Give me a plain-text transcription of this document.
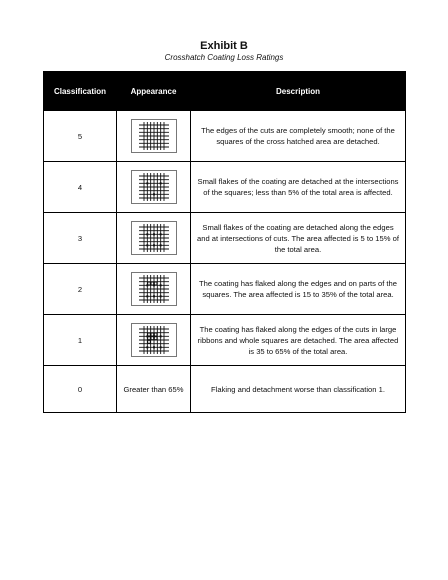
Exhibit B
Crosshatch Coating Loss Ratings
Classification	Appearance	Description
5		The edges of the cuts are completely smooth; none of the squares of the cross hatched area are detached.
4		Small flakes of the coating are detached at the intersections of the squares; less than 5% of the total area is affected.
3		Small flakes of the coating are detached along the edges and at intersections of cuts. The area affected is 5 to 15% of the total area.
2		The coating has flaked along the edges and on parts of the squares. The area affected is 15 to 35% of the total area.
1		The coating has flaked along the edges of the cuts in large ribbons and whole squares are detached. The area affected is 35 to 65% of the total area.
0	Greater than 65%	Flaking and detachment worse than classification 1.
